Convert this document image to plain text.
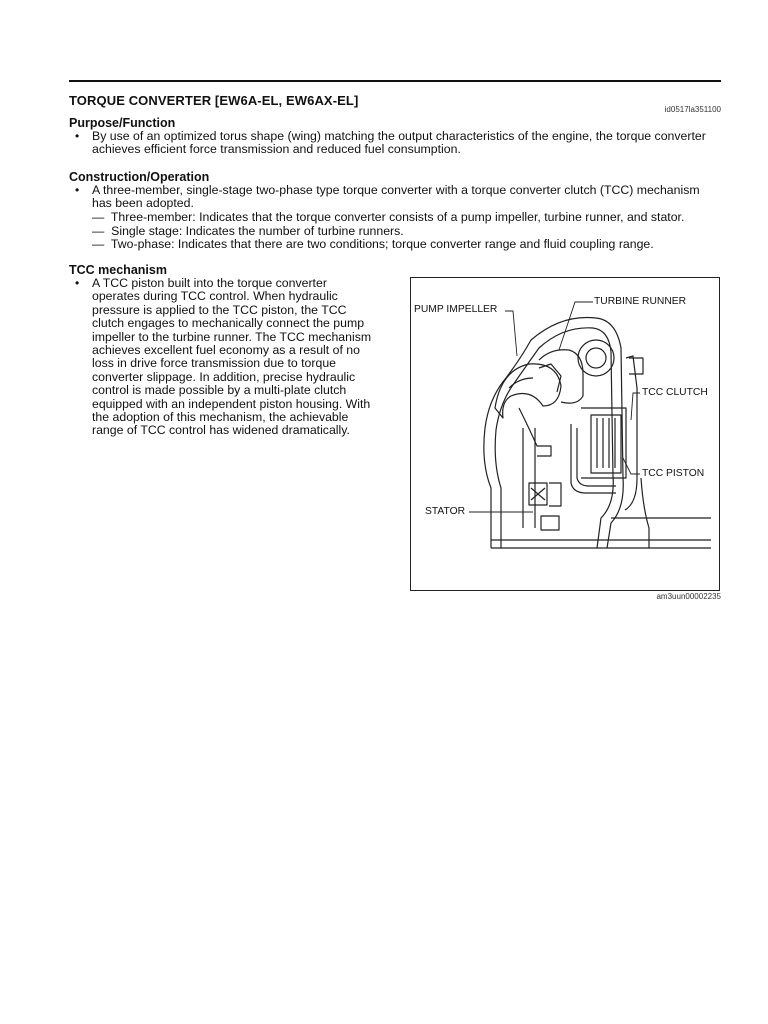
TORQUE CONVERTER [EW6A-EL, EW6AX-EL]
id0517la351100
Purpose/Function
• By use of an optimized torus shape (wing) matching the output characteristics of the engine, the torque converter
achieves efficient force transmission and reduced fuel consumption.
Construction/Operation
• A three-member, single-stage two-phase type torque converter with a torque converter clutch (TCC) mechanism
has been adopted.
— Three-member: Indicates that the torque converter consists of a pump impeller, turbine runner, and stator.
— Single stage: Indicates the number of turbine runners.
— Two-phase: Indicates that there are two conditions; torque converter range and fluid coupling range.
TCC mechanism
• A TCC piston built into the torque converter
operates during TCC control. When hydraulic
pressure is applied to the TCC piston, the TCC
clutch engages to mechanically connect the pump
impeller to the turbine runner. The TCC mechanism
achieves excellent fuel economy as a result of no
loss in drive force transmission due to torque
converter slippage. In addition, precise hydraulic
control is made possible by a multi-plate clutch
equipped with an independent piston housing. With
the adoption of this mechanism, the achievable
range of TCC control has widened dramatically.
PUMP IMPELLER
TURBINE RUNNER
TCC CLUTCH
TCC PISTON
STATOR
am3uun00002235
